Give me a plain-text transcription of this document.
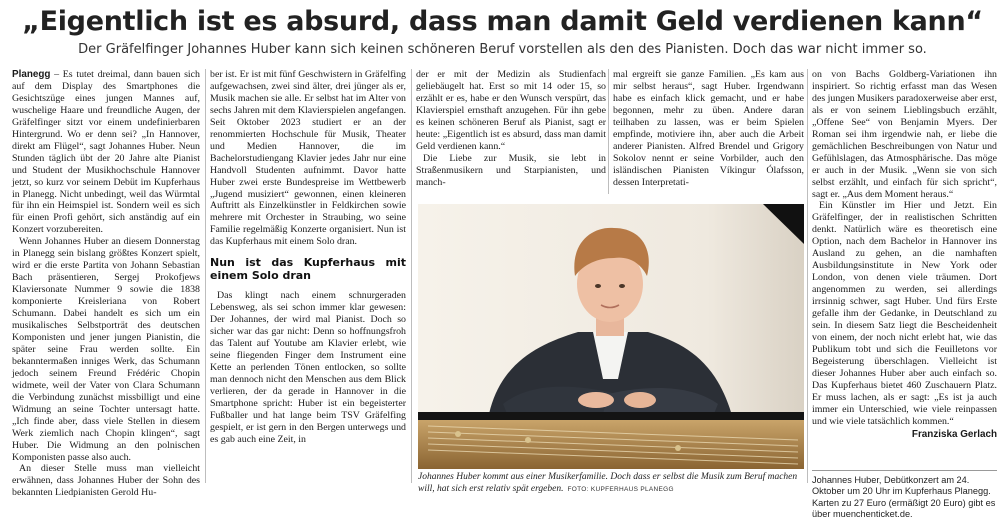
„Eigentlich ist es absurd, dass man damit Geld verdienen kann“
Der Gräfelfinger Johannes Huber kann sich keinen schöneren Beruf vorstellen als den des Pianisten. Doch das war nicht immer so.

Planegg – Es tutet dreimal, dann bauen sich auf dem Display des Smartphones die Gesichtszüge eines jungen Mannes auf, wuschelige Haare und freundliche Augen, der Gräfelfinger sitzt vor einem undefinierbaren Hintergrund. Wo er denn sei? „In Hannover, direkt am Flügel“, sagt Johannes Huber. Neun Stunden täglich übt der 20 Jahre alte Pianist und Student der Musikhochschule Hannover jetzt, so kurz vor seinem Debüt im Kupferhaus in Planegg. Nicht unbedingt, weil das Würmtal für ihn ein Heimspiel ist. Sondern weil es sich für einen Profi gehört, sich anständig auf ein Konzert vorzubereiten.

Wenn Johannes Huber an diesem Donnerstag in Planegg sein bislang größtes Konzert spielt, wird er die erste Partita von Johann Sebastian Bach präsentieren, Sergej Prokofjews Klaviersonate Nummer 9 sowie die 1838 komponierte Kreisleriana von Robert Schumann. Dabei handelt es sich um ein musikalisches Selbstporträt des deutschen Komponisten und jener jungen Pianistin, die später seine Frau werden sollte. Ein bekanntermaßen inniges Werk, das Schumann jedoch seinem Freund Frédéric Chopin widmete, weil der Vater von Clara Schumann die Verbindung zunächst missbilligt und eine Widmung an seine Tochter untersagt hatte. „Ich finde aber, dass viele Stellen in diesem Werk ziemlich nach Chopin klingen“, sagt Huber. Die Widmung an den polnischen Komponisten passe also auch.

An dieser Stelle muss man vielleicht erwähnen, dass Johannes Huber der Sohn des bekannten Liedpianisten Gerold Hu-

ber ist. Er ist mit fünf Geschwistern in Gräfelfing aufgewachsen, zwei sind älter, drei jünger als er, Musik machen sie alle. Er selbst hat im Alter von sechs Jahren mit dem Klavierspielen angefangen. Seit Oktober 2023 studiert er an der renommierten Hochschule für Musik, Theater und Medien Hannover, die im Bachelorstudiengang Klavier jedes Jahr nur eine Handvoll Studenten aufnimmt. Davor hatte Huber zwei erste Bundespreise im Wettbewerb „Jugend musiziert“ gewonnen, einen kleineren Auftritt als Einzelkünstler in Feldkirchen sowie mehrere mit Orchester in Straubing, wo seine Familie regelmäßig Konzerte organisiert. Nun ist das Kupferhaus mit einem Solo dran.

Nun ist das Kupferhaus mit einem Solo dran

Das klingt nach einem schnurgeraden Lebensweg, als sei schon immer klar gewesen: Der Johannes, der wird mal Pianist. Doch so sicher war das gar nicht: Denn so hoffnungsfroh das Talent auf Youtube am Klavier erlebt, wie seine fliegenden Finger dem Instrument eine Kette an perlenden Tönen entlocken, so sollte man dennoch nicht den Menschen aus dem Blick verlieren, der da gerade in Hannover in die Smartphone spricht: Huber ist ein begeisterter Fußballer und hat lange beim TSV Gräfelfing gespielt, er ist gern in den Bergen unterwegs und es gab auch eine Zeit, in

der er mit der Medizin als Studienfach geliebäugelt hat. Erst so mit 14 oder 15, so erzählt er es, habe er den Wunsch verspürt, das Klavierspiel ernsthaft anzugehen. Für ihn gebe es keinen schöneren Beruf als Pianist, sagt er heute: „Eigentlich ist es absurd, dass man damit Geld verdienen kann.“

Die Liebe zur Musik, sie lebt in Straßenmusikern und Starpianisten, und manch-

mal ergreift sie ganze Familien. „Es kam aus mir selbst heraus“, sagt Huber. Irgendwann habe es einfach klick gemacht, und er habe begonnen, mehr zu üben. Andere daran teilhaben zu lassen, was er beim Spielen empfinde, motiviere ihn, aber auch die Arbeit anderer Pianisten. Alfred Brendel und Grigory Sokolov nennt er seine Vorbilder, auch den isländischen Pianisten Víkingur Ólafsson, dessen Interpretati-

Johannes Huber kommt aus einer Musikerfamilie. Doch dass er selbst die Musik zum Beruf machen will, hat sich erst relativ spät ergeben. FOTO: KUPFERHAUS PLANEGG

on von Bachs Goldberg-Variationen ihn inspiriert. So richtig erfasst man das Wesen des jungen Musikers paradoxerweise aber erst, als er von seinem Lieblingsbuch erzählt, „Offene See“ von Benjamin Myers. Der Roman sei ihm irgendwie nah, er liebe die gemächlichen Beschreibungen von Natur und Gefühlslagen, das Atmosphärische. Das möge er auch in der Musik. „Wenn sie von sich selbst erzählt, und einfach für sich spricht“, sagt er. „Aus dem Moment heraus.“

Ein Künstler im Hier und Jetzt. Ein Gräfelfinger, der in realistischen Schritten denkt. Natürlich wäre es theoretisch eine Option, nach dem Bachelor in Hannover ins Ausland zu gehen, an die namhaften Ausbildungsinstitute in New York oder London, von denen viele träumen. Dort angenommen zu werden, sei allerdings irrsinnig schwer, sagt Huber. Und fürs Erste gefalle ihm der Gedanke, in Deutschland zu sein. In diesem Satz liegt die Bescheidenheit von einem, der noch nicht erlebt hat, wie das Publikum tobt und sich die Feuilletons vor Begeisterung überschlagen. Vielleicht ist dieser Johannes Huber aber auch einfach so. Das Kupferhaus bietet 460 Zuschauern Platz. Er muss lachen, als er sagt: „Es ist ja auch immer ein Unterschied, wie viele reinpassen und wie viele tatsächlich kommen.“

Franziska Gerlach
Johannes Huber, Debütkonzert am 24. Oktober um 20 Uhr im Kupferhaus Planegg. Karten zu 27 Euro (ermäßigt 20 Euro) gibt es über muenchenticket.de.
